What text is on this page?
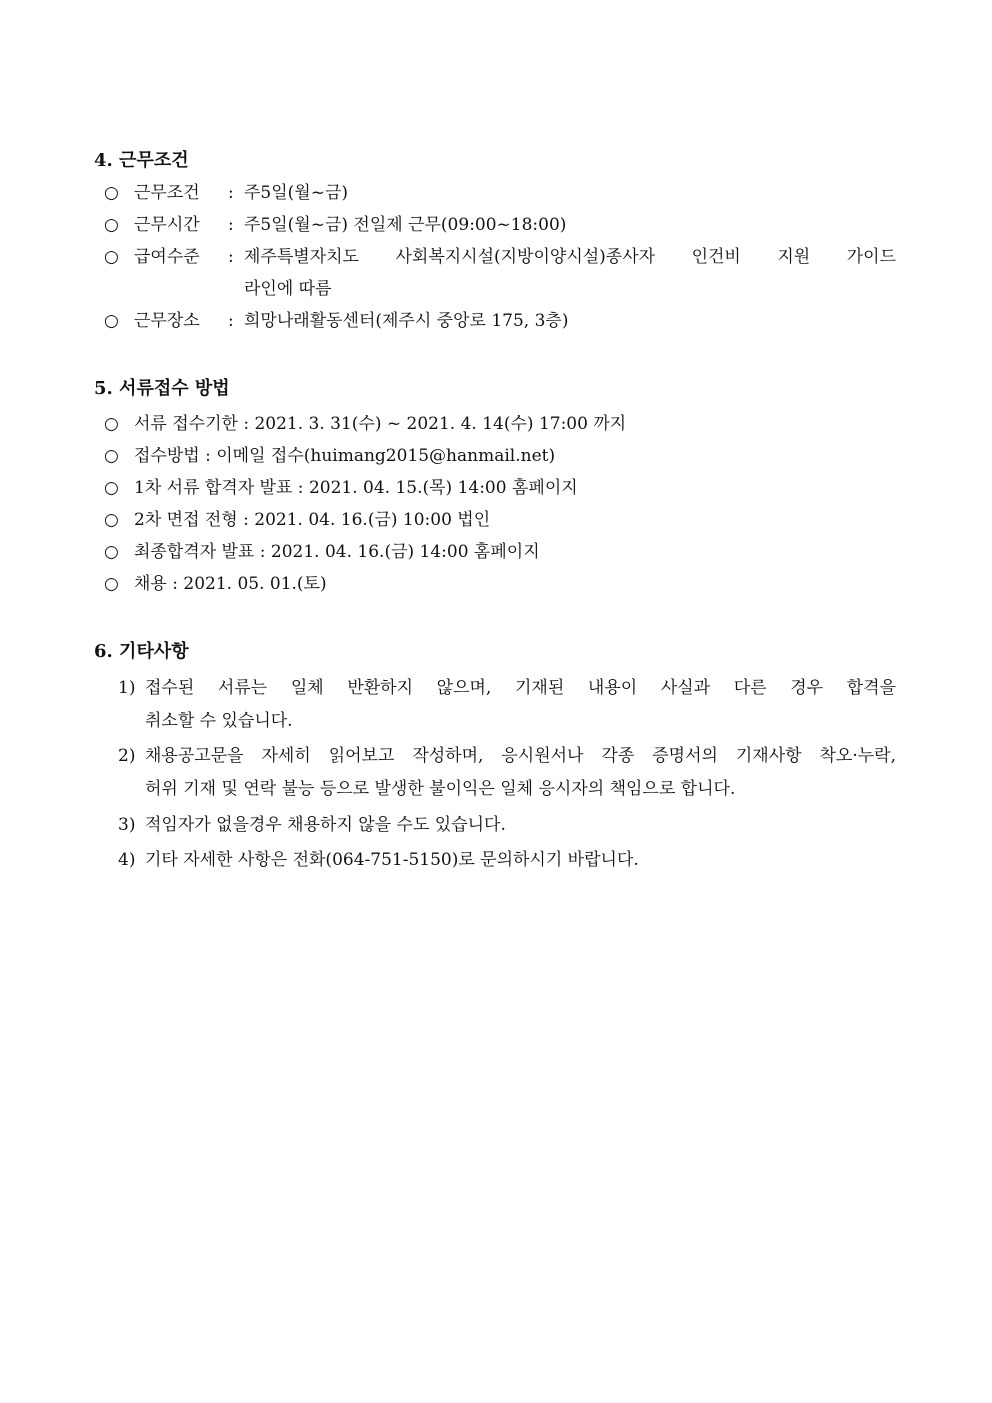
4. 근무조건
○ 근무조건 : 주5일(월~금)
○ 근무시간 : 주5일(월~금) 전일제 근무(09:00~18:00)
○ 급여수준 : 제주특별자치도 사회복지시설(지방이양시설)종사자 인건비 지원 가이드
라인에 따름
○ 근무장소 : 희망나래활동센터(제주시 중앙로 175, 3층)
5. 서류접수 방법
○ 서류 접수기한 : 2021. 3. 31(수) ~ 2021. 4. 14(수) 17:00 까지
○ 접수방법 : 이메일 접수(huimang2015@hanmail.net)
○ 1차 서류 합격자 발표 : 2021. 04. 15.(목) 14:00 홈페이지
○ 2차 면접 전형 : 2021. 04. 16.(금) 10:00 법인
○ 최종합격자 발표 : 2021. 04. 16.(금) 14:00 홈페이지
○ 채용 : 2021. 05. 01.(토)
6. 기타사항
1) 접수된 서류는 일체 반환하지 않으며, 기재된 내용이 사실과 다른 경우 합격을
취소할 수 있습니다.
2) 채용공고문을 자세히 읽어보고 작성하며, 응시원서나 각종 증명서의 기재사항 착오·누락,
허위 기재 및 연락 불능 등으로 발생한 불이익은 일체 응시자의 책임으로 합니다.
3) 적임자가 없을경우 채용하지 않을 수도 있습니다.
4) 기타 자세한 사항은 전화(064-751-5150)로 문의하시기 바랍니다.
